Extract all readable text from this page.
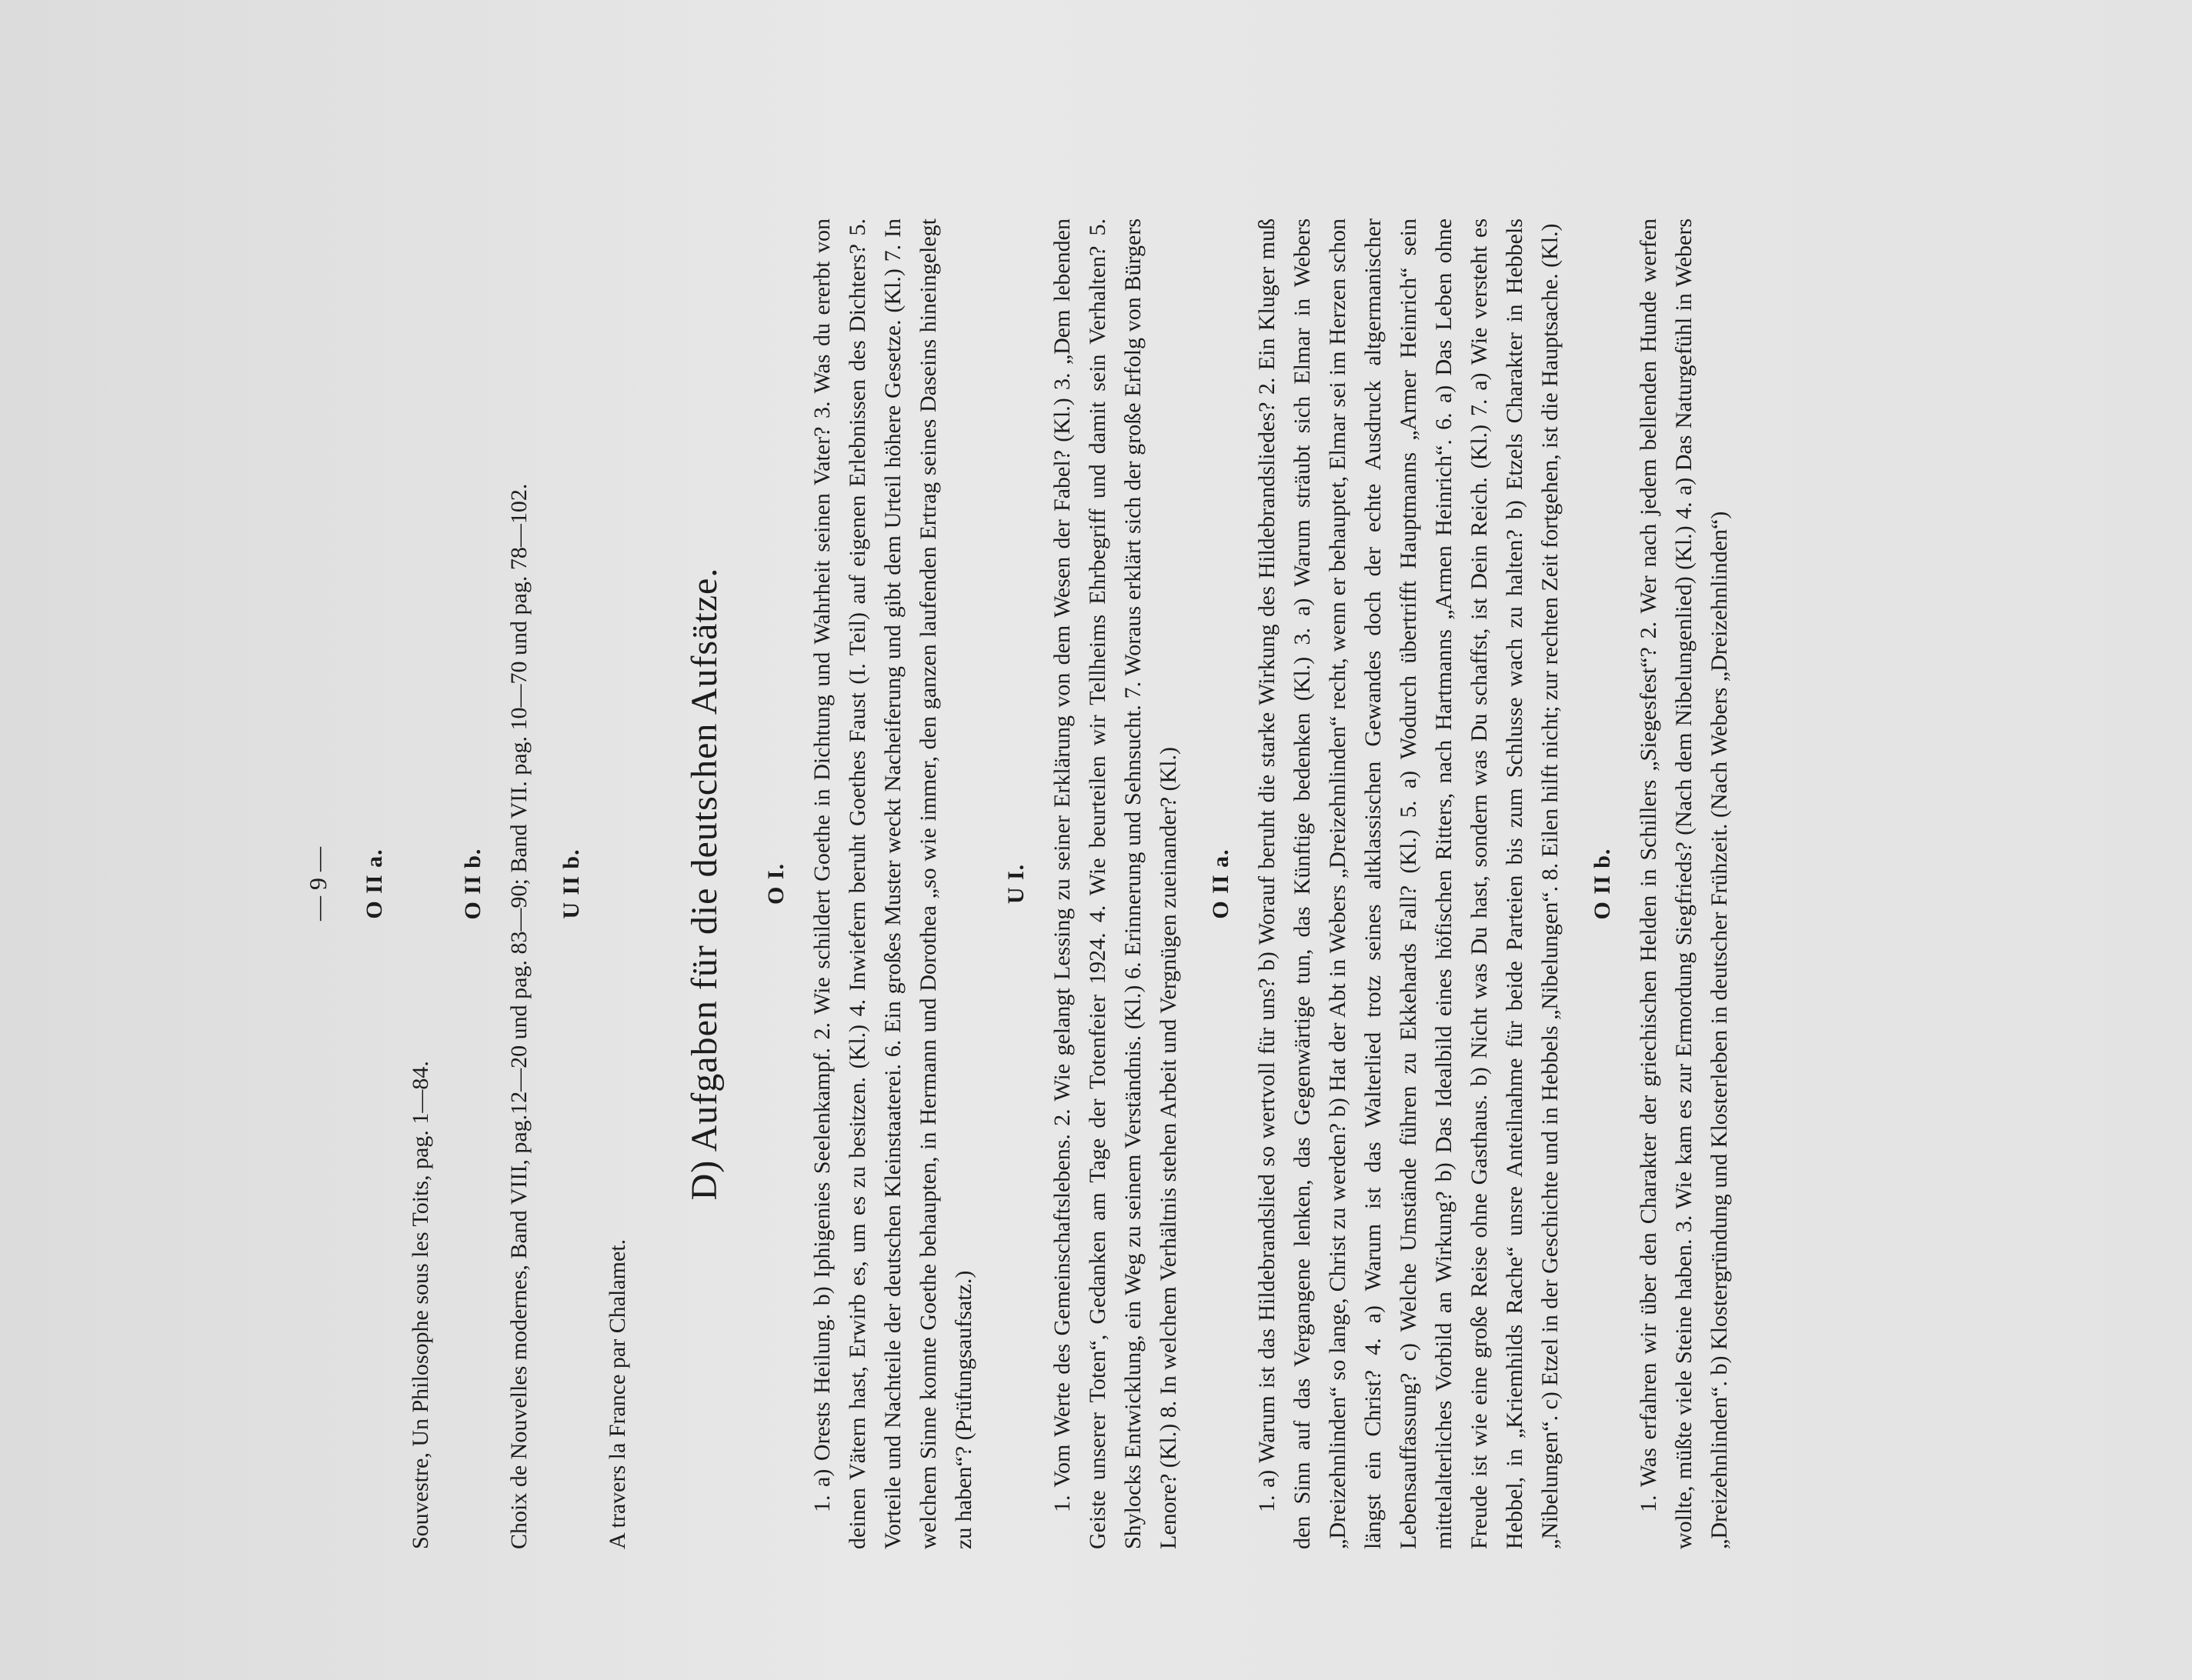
— 9 — O II a.

Souvestre, Un Philosophe sous les Toits, pag. 1—84.

O II b. Choix de Nouvelles modernes, Band VIII, pag.12—20 und pag. 83—90; Band VII. pag. 10—70 und pag. 78—102. U II b.

A travers la France par Chalamet.

D) Aufgaben für die deutschen Aufsätze. O I. 1. a) Orests Heilung. b) Iphigenies Seelenkampf. 2. Wie schildert Goethe in Dichtung und Wahrheit seinen Vater? 3. Was du ererbt von deinen Vätern hast, Erwirb es, um es zu besitzen. (Kl.) 4. Inwiefern beruht Goethes Faust (I. Teil) auf eigenen Erlebnissen des Dichters? 5. Vorteile und Nachteile der deutschen Kleinstaaterei. 6. Ein großes Muster weckt Nacheiferung und gibt dem Urteil höhere Gesetze. (Kl.) 7. In welchem Sinne konnte Goethe behaupten, in Hermann und Dorothea „so wie immer, den ganzen laufenden Ertrag seines Daseins hineingelegt zu haben“? (Prüfungsaufsatz.)

U I. 1. Vom Werte des Gemeinschaftslebens. 2. Wie gelangt Lessing zu seiner Erklärung von dem Wesen der Fabel? (Kl.) 3. „Dem lebenden Geiste unserer Toten“, Gedanken am Tage der Totenfeier 1924. 4. Wie beurteilen wir Tellheims Ehrbegriff und damit sein Verhalten? 5. Shylocks Entwicklung, ein Weg zu seinem Verständnis. (Kl.) 6. Erinnerung und Sehnsucht. 7. Woraus erklärt sich der große Erfolg von Bürgers Lenore? (Kl.) 8. In welchem Verhältnis stehen Arbeit und Vergnügen zueinander? (Kl.) O II a. 1. a) Warum ist das Hildebrandslied so wertvoll für uns? b) Worauf beruht die starke Wirkung des Hildebrandsliedes? 2. Ein Kluger muß den Sinn auf das Vergangene lenken, das Gegenwärtige tun, das Künftige bedenken (Kl.) 3. a) Warum sträubt sich Elmar in Webers „Dreizehnlinden“ so lange, Christ zu werden? b) Hat der Abt in Webers „Dreizehnlinden“ recht, wenn er behauptet, Elmar sei im Herzen schon längst ein Christ? 4. a) Warum ist das Walterlied trotz seines altklassischen Gewandes doch der echte Ausdruck altgermanischer Lebensauffassung? c) Welche Umstände führen zu Ekkehards Fall? (Kl.) 5. a) Wodurch übertrifft Hauptmanns „Armer Heinrich“ sein mittelalterliches Vorbild an Wirkung? b) Das Idealbild eines höfischen Ritters, nach Hartmanns „Armen Heinrich“. 6. a) Das Leben ohne Freude ist wie eine große Reise ohne Gasthaus. b) Nicht was Du hast, sondern was Du schaffst, ist Dein Reich. (Kl.) 7. a) Wie versteht es Hebbel, in „Kriemhilds Rache“ unsre Anteilnahme für beide Parteien bis zum Schlusse wach zu halten? b) Etzels Charakter in Hebbels „Nibelungen“. c) Etzel in der Geschichte und in Hebbels „Nibelungen“. 8. Eilen hilft nicht; zur rechten Zeit fortgehen, ist die Hauptsache. (Kl.) O II b. 1. Was erfahren wir über den Charakter der griechischen Helden in Schillers „Siegesfest“? 2. Wer nach jedem bellenden Hunde werfen wollte, müßte viele Steine haben. 3. Wie kam es zur Ermordung Siegfrieds? (Nach dem Nibelungenlied) (Kl.) 4. a) Das Naturgefühl in Webers „Dreizehnlinden“. b) Klostergründung und Klosterleben in deutscher Frühzeit. (Nach Webers „Dreizehnlinden“)
